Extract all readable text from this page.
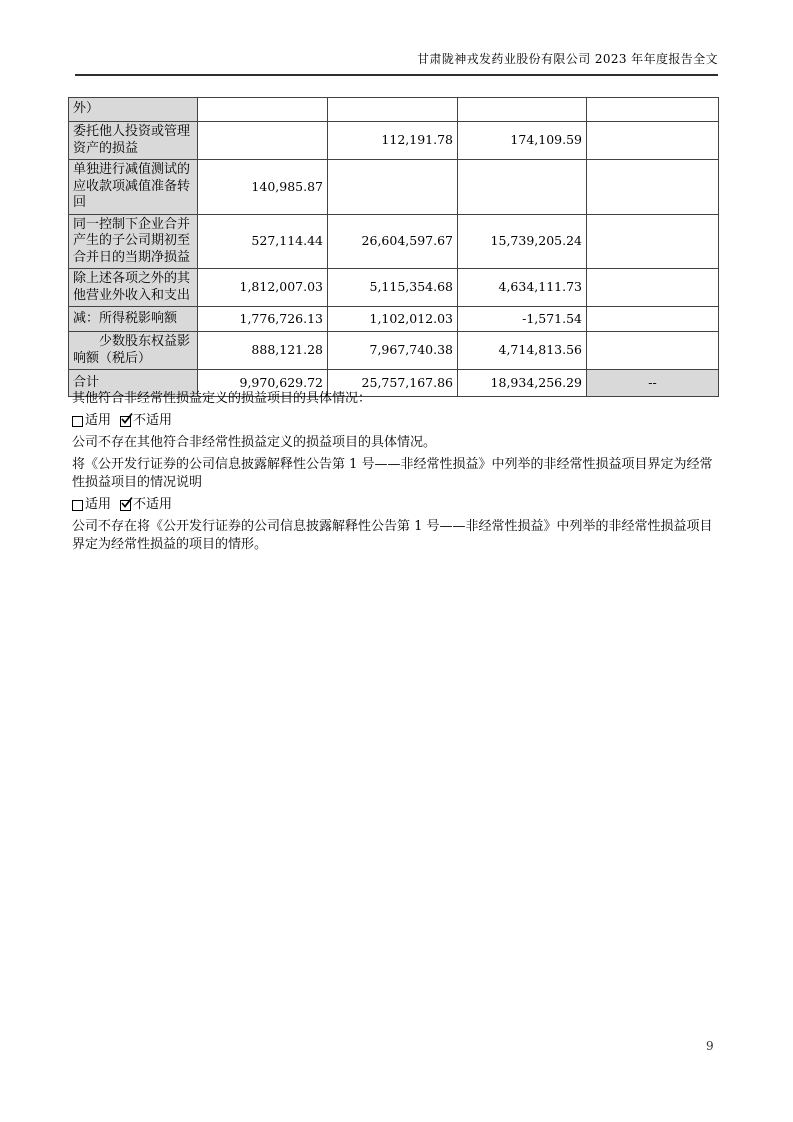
甘肃陇神戎发药业股份有限公司 2023 年年度报告全文
外）				
委托他人投资或管理资产的损益		112,191.78	174,109.59	
单独进行减值测试的应收款项减值准备转回	140,985.87			
同一控制下企业合并产生的子公司期初至合并日的当期净损益	527,114.44	26,604,597.67	15,739,205.24	
除上述各项之外的其他营业外收入和支出	1,812,007.03	5,115,354.68	4,634,111.73	
减：所得税影响额	1,776,726.13	1,102,012.03	-1,571.54	
少数股东权益影响额（税后）	888,121.28	7,967,740.38	4,714,813.56	
合计	9,970,629.72	25,757,167.86	18,934,256.29	--

其他符合非经常性损益定义的损益项目的具体情况：

适用 不适用

公司不存在其他符合非经常性损益定义的损益项目的具体情况。

将《公开发行证券的公司信息披露解释性公告第 1 号——非经常性损益》中列举的非经常性损益项目界定为经常性损益项目的情况说明

适用 不适用

公司不存在将《公开发行证券的公司信息披露解释性公告第 1 号——非经常性损益》中列举的非经常性损益项目界定为经常性损益的项目的情形。

9
